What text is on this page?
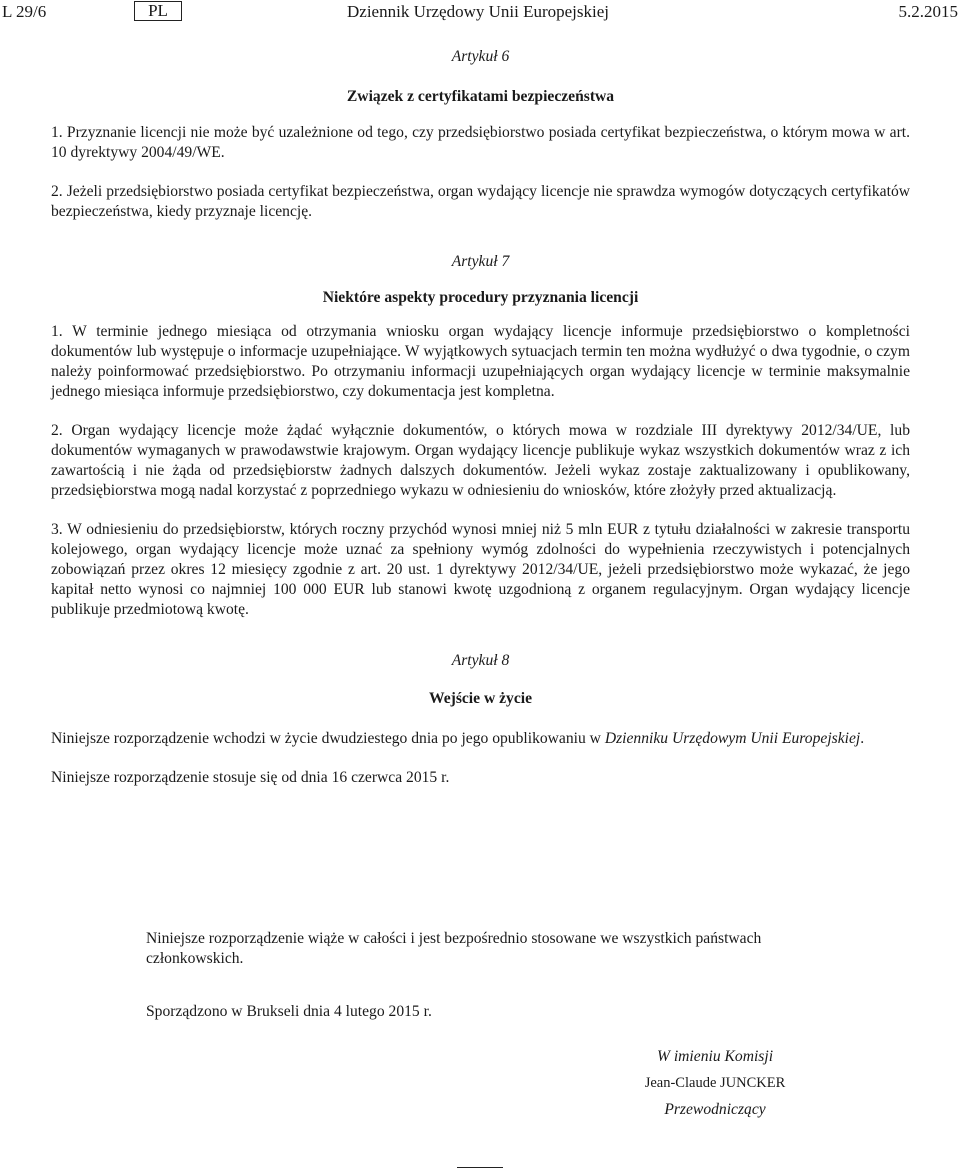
L 29/6	PL	Dziennik Urzędowy Unii Europejskiej	5.2.2015

Artykuł 6

Związek z certyfikatami bezpieczeństwa

1. Przyznanie licencji nie może być uzależnione od tego, czy przedsiębiorstwo posiada certyfikat bezpieczeństwa, o którym mowa w art. 10 dyrektywy 2004/49/WE.

2. Jeżeli przedsiębiorstwo posiada certyfikat bezpieczeństwa, organ wydający licencje nie sprawdza wymogów dotyczących certyfikatów bezpieczeństwa, kiedy przyznaje licencję.

Artykuł 7

Niektóre aspekty procedury przyznania licencji

1. W terminie jednego miesiąca od otrzymania wniosku organ wydający licencje informuje przedsiębiorstwo o kompletności dokumentów lub występuje o informacje uzupełniające. W wyjątkowych sytuacjach termin ten można wydłużyć o dwa tygodnie, o czym należy poinformować przedsiębiorstwo. Po otrzymaniu informacji uzupełniających organ wydający licencje w terminie maksymalnie jednego miesiąca informuje przedsiębiorstwo, czy dokumentacja jest kompletna.

2. Organ wydający licencje może żądać wyłącznie dokumentów, o których mowa w rozdziale III dyrektywy 2012/34/UE, lub dokumentów wymaganych w prawodawstwie krajowym. Organ wydający licencje publikuje wykaz wszystkich dokumentów wraz z ich zawartością i nie żąda od przedsiębiorstw żadnych dalszych dokumentów. Jeżeli wykaz zostaje zaktualizowany i opublikowany, przedsiębiorstwa mogą nadal korzystać z poprzedniego wykazu w odniesieniu do wniosków, które złożyły przed aktualizacją.

3. W odniesieniu do przedsiębiorstw, których roczny przychód wynosi mniej niż 5 mln EUR z tytułu działalności w zakresie transportu kolejowego, organ wydający licencje może uznać za spełniony wymóg zdolności do wypełnienia rzeczywistych i potencjalnych zobowiązań przez okres 12 miesięcy zgodnie z art. 20 ust. 1 dyrektywy 2012/34/UE, jeżeli przedsiębiorstwo może wykazać, że jego kapitał netto wynosi co najmniej 100 000 EUR lub stanowi kwotę uzgodnioną z organem regulacyjnym. Organ wydający licencje publikuje przedmiotową kwotę.

Artykuł 8

Wejście w życie

Niniejsze rozporządzenie wchodzi w życie dwudziestego dnia po jego opublikowaniu w Dzienniku Urzędowym Unii Europejskiej.

Niniejsze rozporządzenie stosuje się od dnia 16 czerwca 2015 r.

Niniejsze rozporządzenie wiąże w całości i jest bezpośrednio stosowane we wszystkich państwach członkowskich.
Sporządzono w Brukseli dnia 4 lutego 2015 r.
W imieniu Komisji
Jean-Claude JUNCKER
Przewodniczący
